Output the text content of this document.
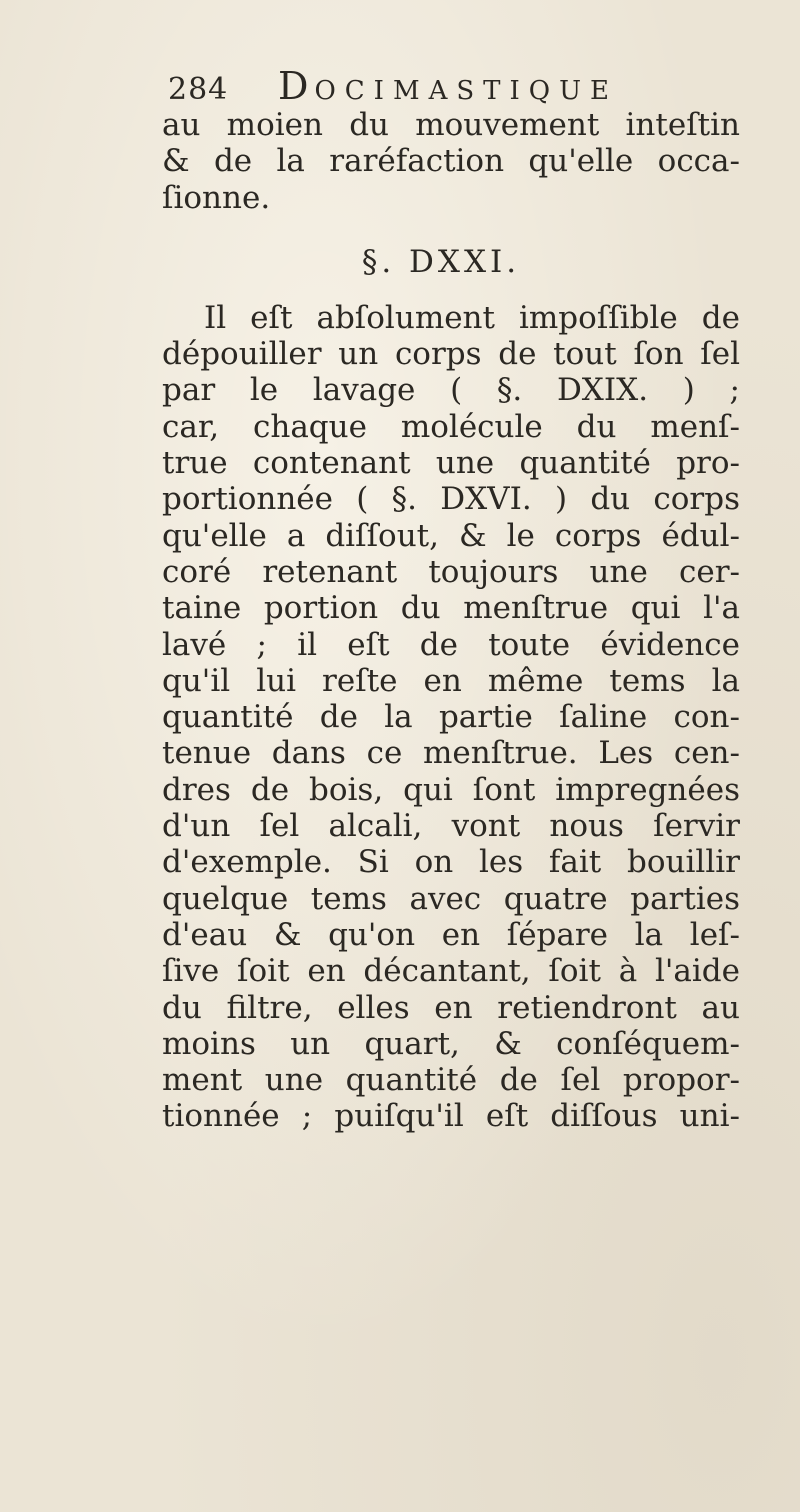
284 DOCIMASTIQUE
au moien du mouvement inteſtin
& de la raréfaction qu'elle occa-
ſionne.
§. DXXI.
Il eſt abſolument impoſſible de
dépouiller un corps de tout ſon ſel
par le lavage ( §. DXIX. ) ;
car, chaque molécule du menſ-
true contenant une quantité pro-
portionnée ( §. DXVI. ) du corps
qu'elle a diſſout, & le corps édul-
coré retenant toujours une cer-
taine portion du menſtrue qui l'a
lavé ; il eſt de toute évidence
qu'il lui reſte en même tems la
quantité de la partie ſaline con-
tenue dans ce menſtrue. Les cen-
dres de bois, qui ſont impregnées
d'un ſel alcali, vont nous ſervir
d'exemple. Si on les fait bouillir
quelque tems avec quatre parties
d'eau & qu'on en ſépare la leſ-
ſive ſoit en décantant, ſoit à l'aide
du filtre, elles en retiendront au
moins un quart, & conſéquem-
ment une quantité de ſel propor-
tionnée ; puiſqu'il eſt diſſous uni-
